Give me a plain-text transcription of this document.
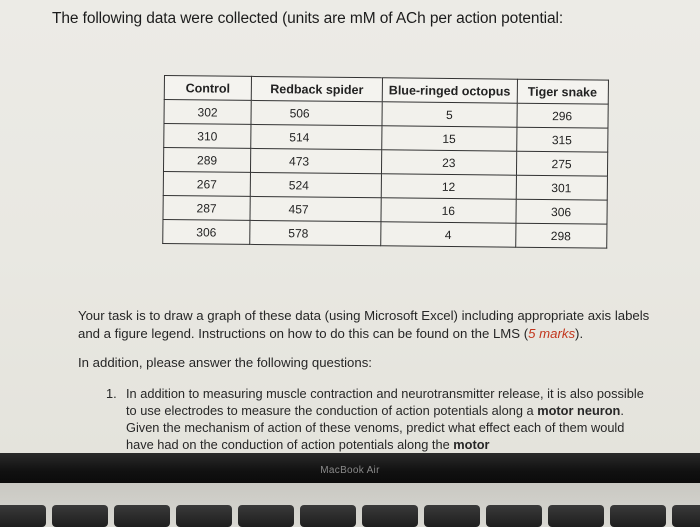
The following data were collected (units are mM of ACh per action potential:
Control	Redback spider	Blue-ringed octopus	Tiger snake
302	506	5	296
310	514	15	315
289	473	23	275
267	524	12	301
287	457	16	306
306	578	4	298
Your task is to draw a graph of these data (using Microsoft Excel) including appropriate axis labels and a figure legend. Instructions on how to do this can be found on the LMS (5 marks).
In addition, please answer the following questions:
1. In addition to measuring muscle contraction and neurotransmitter release, it is also possible to use electrodes to measure the conduction of action potentials along a motor neuron. Given the mechanism of action of these venoms, predict what effect each of them would have had on the conduction of action potentials along the motor
MacBook Air
